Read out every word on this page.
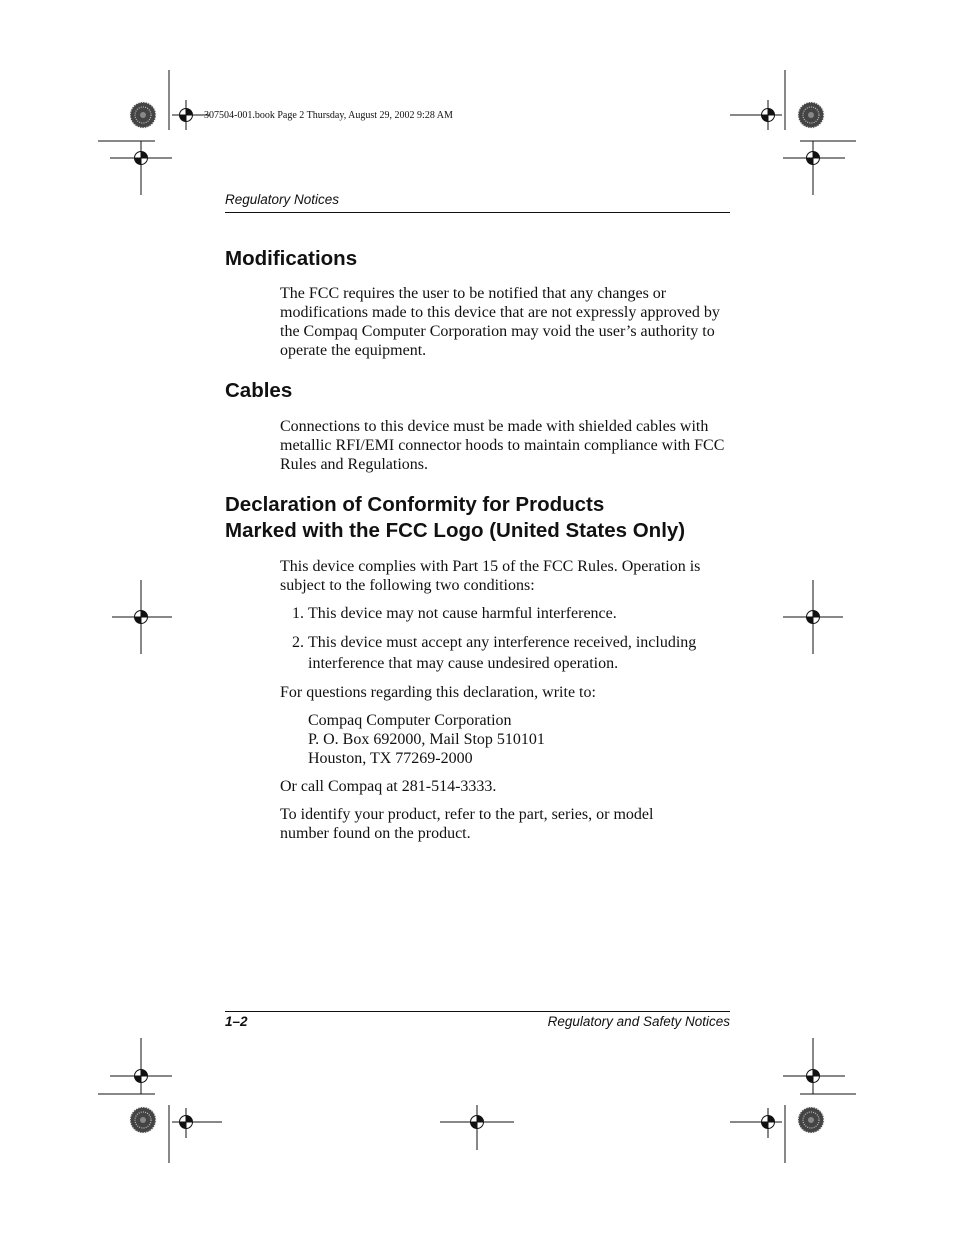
307504-001.book Page 2 Thursday, August 29, 2002 9:28 AM
Regulatory Notices
Modifications

The FCC requires the user to be notified that any changes or modifications made to this device that are not expressly approved by the Compaq Computer Corporation may void the user’s authority to operate the equipment.

Cables

Connections to this device must be made with shielded cables with metallic RFI/EMI connector hoods to maintain compliance with FCC Rules and Regulations.

Declaration of Conformity for Products
Marked with the FCC Logo (United States Only)

This device complies with Part 15 of the FCC Rules. Operation is subject to the following two conditions:

1. This device may not cause harmful interference.
2. This device must accept any interference received, including interference that may cause undesired operation.

For questions regarding this declaration, write to:

Compaq Computer Corporation
P. O. Box 692000, Mail Stop 510101
Houston, TX 77269-2000

Or call Compaq at 281-514-3333.

To identify your product, refer to the part, series, or model number found on the product.

1–2	Regulatory and Safety Notices
